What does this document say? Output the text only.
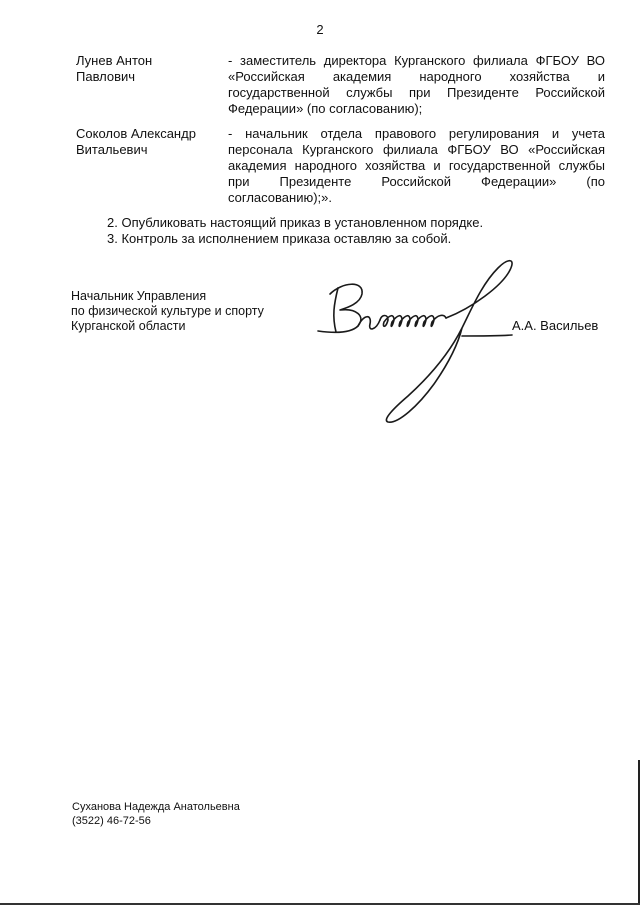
2
Лунев Антон
Павлович
- заместитель директора Курганского филиала ФГБОУ ВО
«Российская академия народного хозяйства и
государственной службы при Президенте Российской
Федерации» (по согласованию);
Соколов Александр
Витальевич
- начальник отдела правового регулирования и учета
персонала Курганского филиала ФГБОУ ВО «Российская
академия народного хозяйства и государственной службы
при Президенте Российской Федерации» (по
согласованию);».
2. Опубликовать настоящий приказ в установленном порядке.
3. Контроль за исполнением приказа оставляю за собой.
Начальник Управления
по физической культуре и спорту
Курганской области	А.А. Васильев
Суханова Надежда Анатольевна
(3522) 46-72-56
